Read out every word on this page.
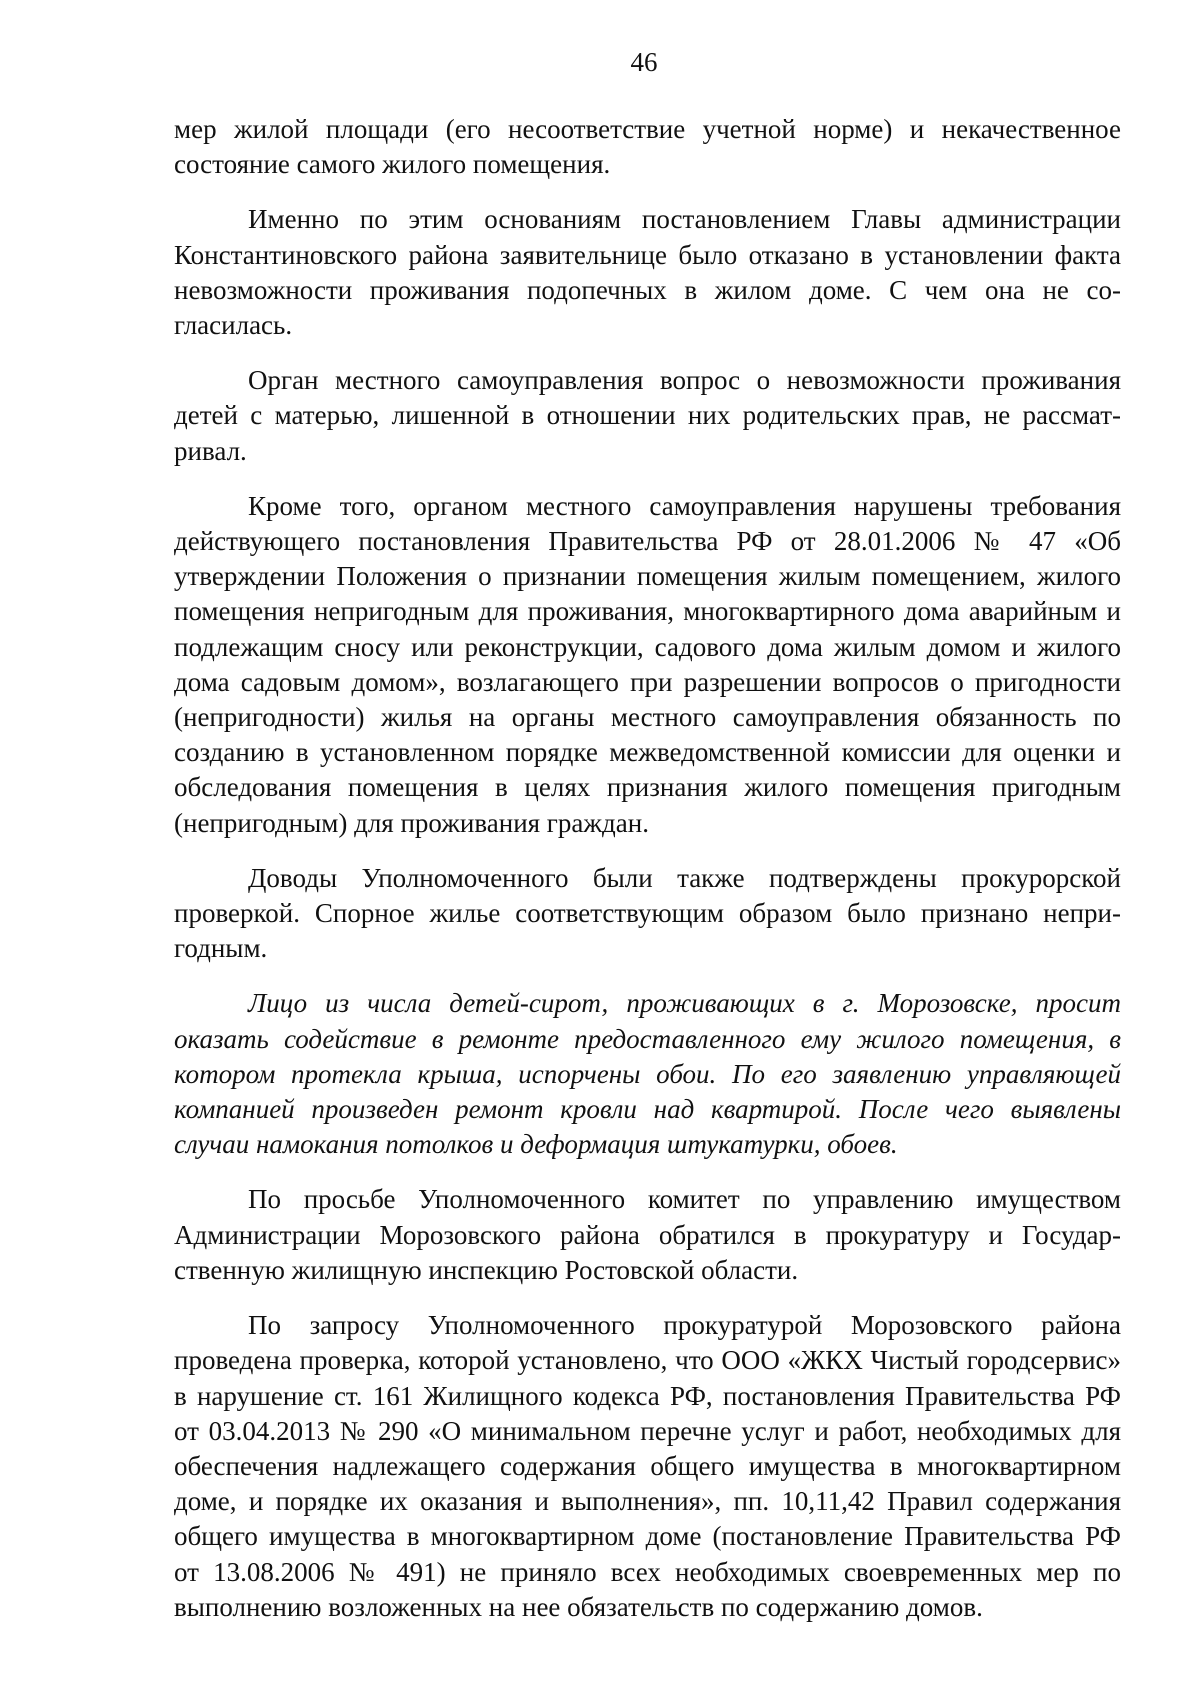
46

мер жилой площади (его несоответствие учетной норме) и некачественное состояние самого жилого помещения.

Именно по этим основаниям постановлением Главы администрации Константиновского района заявительнице было отказано в установлении факта невозможности проживания подопечных в жилом доме. С чем она не согласилась.

Орган местного самоуправления вопрос о невозможности проживания детей с матерью, лишенной в отношении них родительских прав, не рассматривал.

Кроме того, органом местного самоуправления нарушены требования действующего постановления Правительства РФ от 28.01.2006 № 47 «Об утверждении Положения о признании помещения жилым помещением, жилого помещения непригодным для проживания, многоквартирного дома аварийным и подлежащим сносу или реконструкции, садового дома жилым домом и жилого дома садовым домом», возлагающего при разрешении вопросов о пригодности (непригодности) жилья на органы местного самоуправления обязанность по созданию в установленном порядке межведомственной комиссии для оценки и обследования помещения в целях признания жилого помещения пригодным (непригодным) для проживания граждан.

Доводы Уполномоченного были также подтверждены прокурорской проверкой. Спорное жилье соответствующим образом было признано непригодным.

Лицо из числа детей-сирот, проживающих в г. Морозовске, просит оказать содействие в ремонте предоставленного ему жилого помещения, в котором протекла крыша, испорчены обои. По его заявлению управляющей компанией произведен ремонт кровли над квартирой. После чего выявлены случаи намокания потолков и деформация штукатурки, обоев.

По просьбе Уполномоченного комитет по управлению имуществом Администрации Морозовского района обратился в прокуратуру и Государственную жилищную инспекцию Ростовской области.

По запросу Уполномоченного прокуратурой Морозовского района проведена проверка, которой установлено, что ООО «ЖКХ Чистый городсервис» в нарушение ст. 161 Жилищного кодекса РФ, постановления Правительства РФ от 03.04.2013 № 290 «О минимальном перечне услуг и работ, необходимых для обеспечения надлежащего содержания общего имущества в многоквартирном доме, и порядке их оказания и выполнения», пп. 10,11,42 Правил содержания общего имущества в многоквартирном доме (постановление Правительства РФ от 13.08.2006 № 491) не приняло всех необходимых своевременных мер по выполнению возложенных на нее обязательств по содержанию домов.
